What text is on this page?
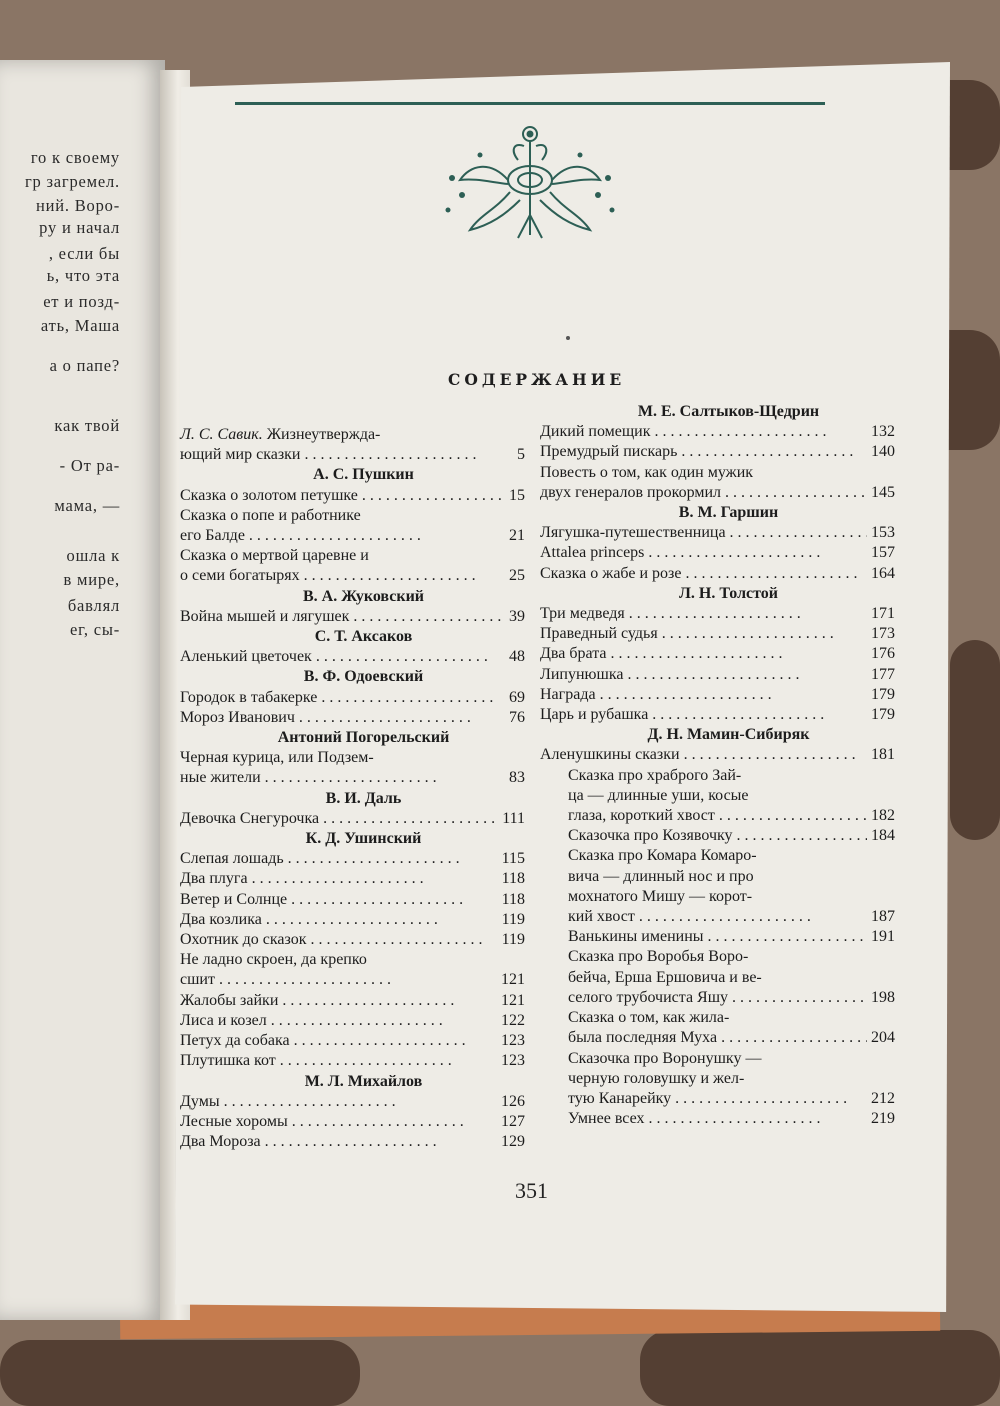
го к своему
гр загремел.
ний. Воро-
ру и начал
, если бы
ь, что эта
ет и позд-
ать, Маша
а о папе?
как твой
- От ра-
мама, —
ошла к
в мире,
бавлял
ег, сы-
СОДЕРЖАНИЕ
Л. С. Савик. Жизнеутвержда-
ющий мир сказки . .	5
А. С. Пушкин
Сказка о золотом петушке . .	15
Сказка о попе и работнике
его Балде . .	21
Сказка о мертвой царевне и
о семи богатырях . .	25
В. А. Жуковский
Война мышей и лягушек . .	39
С. Т. Аксаков
Аленький цветочек . .	48
В. Ф. Одоевский
Городок в табакерке . .	69
Мороз Иванович . .	76
Антоний Погорельский
Черная курица, или Подзем-
ные жители . .	83
В. И. Даль
Девочка Снегурочка . .	111
К. Д. Ушинский
Слепая лошадь . .	115
Два плуга . .	118
Ветер и Солнце . .	118
Два козлика . .	119
Охотник до сказок . .	119
Не ладно скроен, да крепко
сшит . .	121
Жалобы зайки . .	121
Лиса и козел . .	122
Петух да собака . .	123
Плутишка кот . .	123
М. Л. Михайлов
Думы . .	126
Лесные хоромы . .	127
Два Мороза . .	129
М. Е. Салтыков-Щедрин
Дикий помещик . .	132
Премудрый пискарь . .	140
Повесть о том, как один мужик
двух генералов прокормил . .	145
В. М. Гаршин
Лягушка-путешественница . .	153
Attalea princeps . .	157
Сказка о жабе и розе . .	164
Л. Н. Толстой
Три медведя . .	171
Праведный судья . .	173
Два брата . .	176
Липунюшка . .	177
Награда . .	179
Царь и рубашка . .	179
Д. Н. Мамин-Сибиряк
Аленушкины сказки . .	181
Сказка про храброго Зай-
ца — длинные уши, косые
глаза, короткий хвост . .	182
Сказочка про Козявочку . .	184
Сказка про Комара Комаро-
вича — длинный нос и про
мохнатого Мишу — корот-
кий хвост . .	187
Ванькины именины . .	191
Сказка про Воробья Воро-
бейча, Ерша Ершовича и ве-
селого трубочиста Яшу . .	198
Сказка о том, как жила-
была последняя Муха . .	204
Сказочка про Воронушку —
черную головушку и жел-
тую Канарейку . .	212
Умнее всех . .	219
351
